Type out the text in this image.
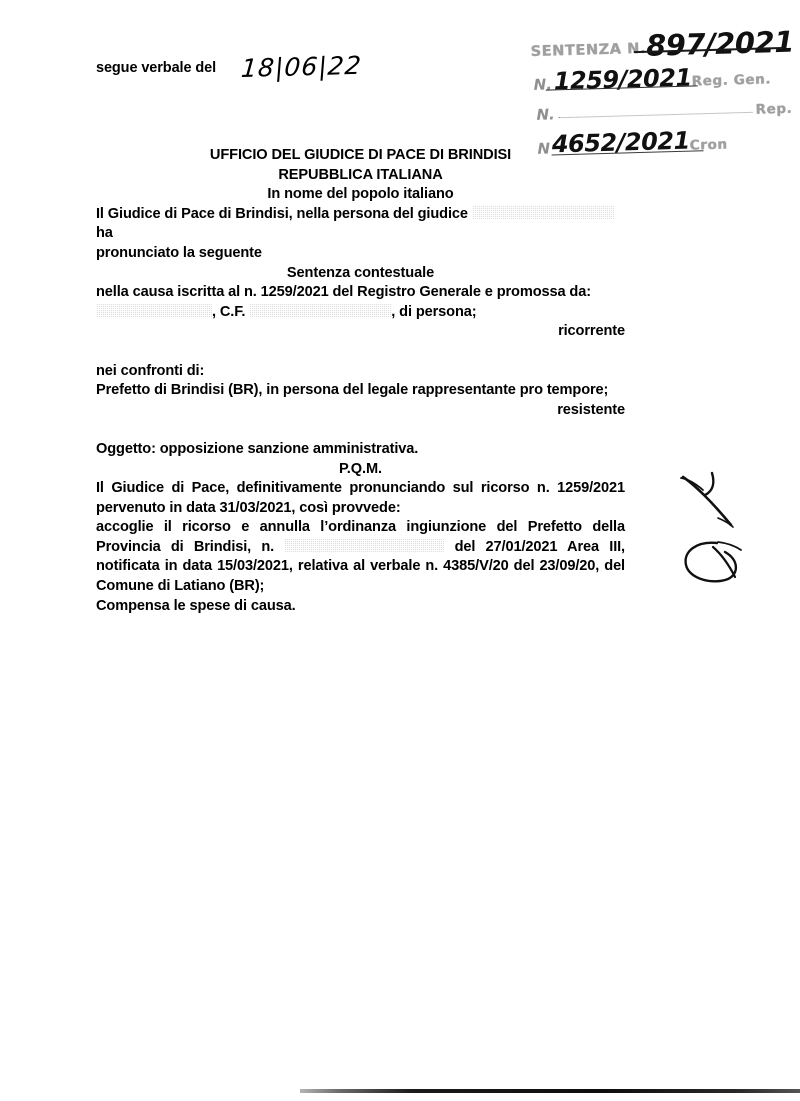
segue verbale del 18|06|22
SENTENZA N. 897/2021
N. 1259/2021 Reg. Gen.
N.	Rep.
N 4652/2021 Cron
UFFICIO DEL GIUDICE DI PACE DI BRINDISI
REPUBBLICA ITALIANA
In nome del popolo italiano
Il Giudice di Pace di Brindisi, nella persona del giudice ha
pronunciato la seguente
Sentenza contestuale
nella causa iscritta al n. 1259/2021 del Registro Generale e promossa da:
, C.F.	, di persona;
ricorrente
nei confronti di:
Prefetto di Brindisi (BR), in persona del legale rappresentante pro tempore;
resistente
Oggetto: opposizione sanzione amministrativa.
P.Q.M.
Il Giudice di Pace, definitivamente pronunciando sul ricorso n. 1259/2021 pervenuto in data 31/03/2021, così provvede:
accoglie il ricorso e annulla l’ordinanza ingiunzione del Prefetto della Provincia di Brindisi, n.	del 27/01/2021 Area III, notificata in data 15/03/2021, relativa al verbale n. 4385/V/20 del 23/09/20, del Comune di Latiano (BR);
Compensa le spese di causa.
